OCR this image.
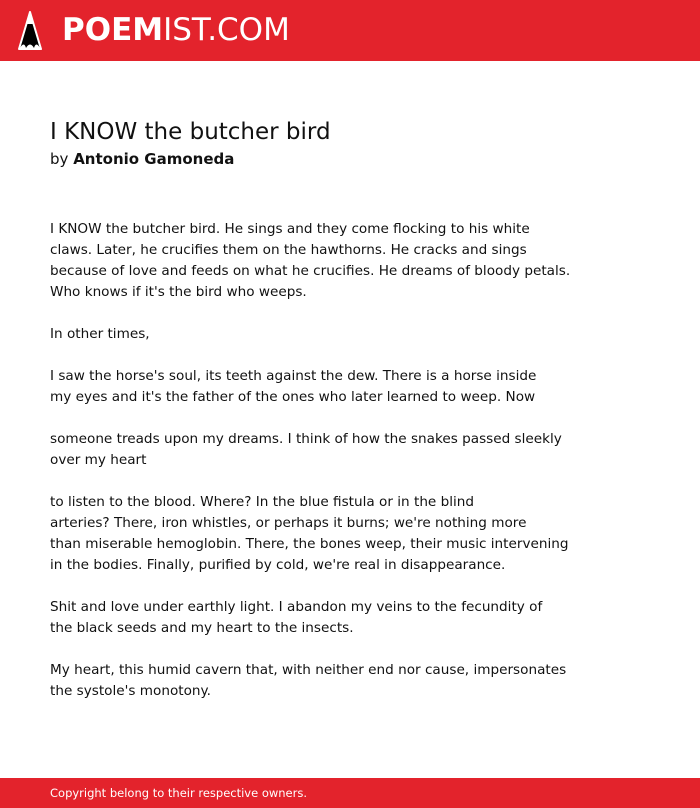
POEMIST.COM
I KNOW the butcher bird
by Antonio Gamoneda
I KNOW the butcher bird. He sings and they come flocking to his white
claws. Later, he crucifies them on the hawthorns. He cracks and sings
because of love and feeds on what he crucifies. He dreams of bloody petals.
Who knows if it's the bird who weeps.
In other times,
I saw the horse's soul, its teeth against the dew. There is a horse inside
my eyes and it's the father of the ones who later learned to weep. Now
someone treads upon my dreams. I think of how the snakes passed sleekly
over my heart
to listen to the blood. Where? In the blue fistula or in the blind
arteries? There, iron whistles, or perhaps it burns; we're nothing more
than miserable hemoglobin. There, the bones weep, their music intervening
in the bodies. Finally, purified by cold, we're real in disappearance.
Shit and love under earthly light. I abandon my veins to the fecundity of
the black seeds and my heart to the insects.
My heart, this humid cavern that, with neither end nor cause, impersonates
the systole's monotony.
Copyright belong to their respective owners.
